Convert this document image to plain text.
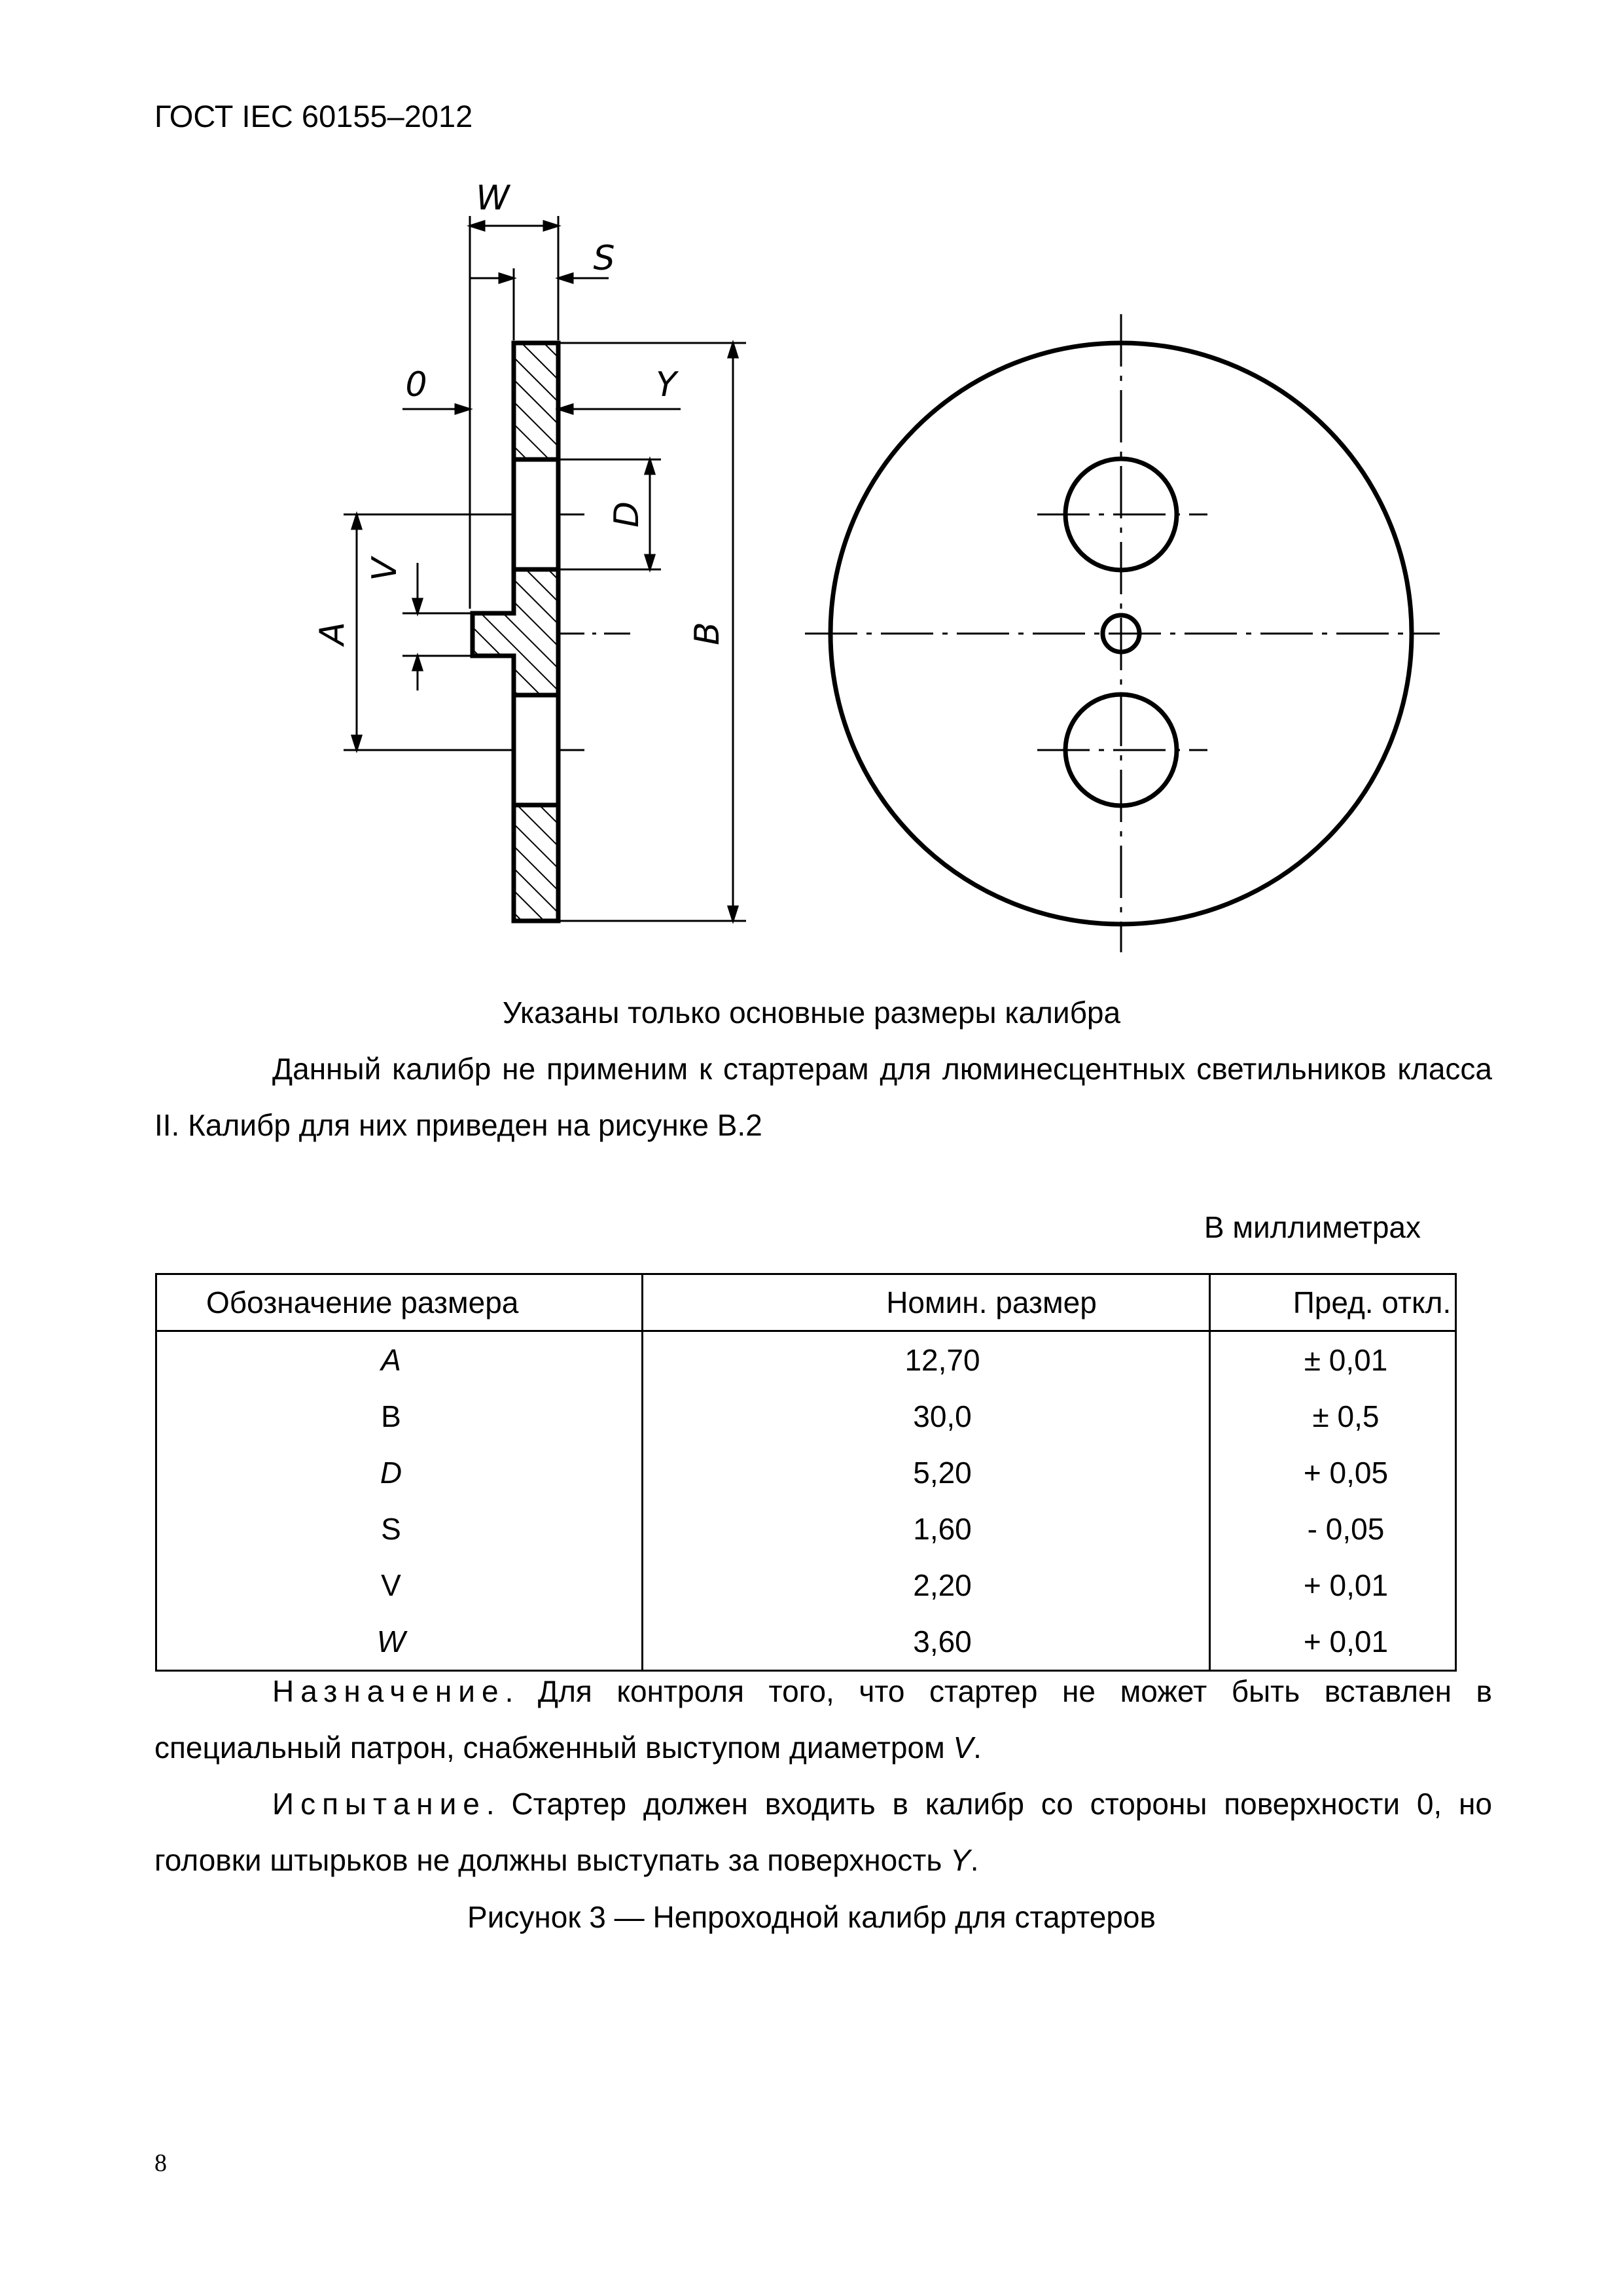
ГОСТ IEC 60155–2012
W
S
0	Y
D
B
A
V
Указаны только основные размеры калибра
Данный калибр не применим к стартерам для люминесцентных светильников класса II. Калибр для них приведен на рисунке В.2
В миллиметрах
Обозначение размера	Номин. размер	Пред. откл.
A	12,70	± 0,01
B	30,0	± 0,5
D	5,20	+ 0,05
S	1,60	- 0,05
V	2,20	+ 0,01
W	3,60	+ 0,01
Назначение. Для контроля того, что стартер не может быть вставлен в специальный патрон, снабженный выступом диаметром V.
Испытание. Стартер должен входить в калибр со стороны поверхности 0, но головки штырьков не должны выступать за поверхность Y.
Рисунок 3 — Непроходной калибр для стартеров
8
